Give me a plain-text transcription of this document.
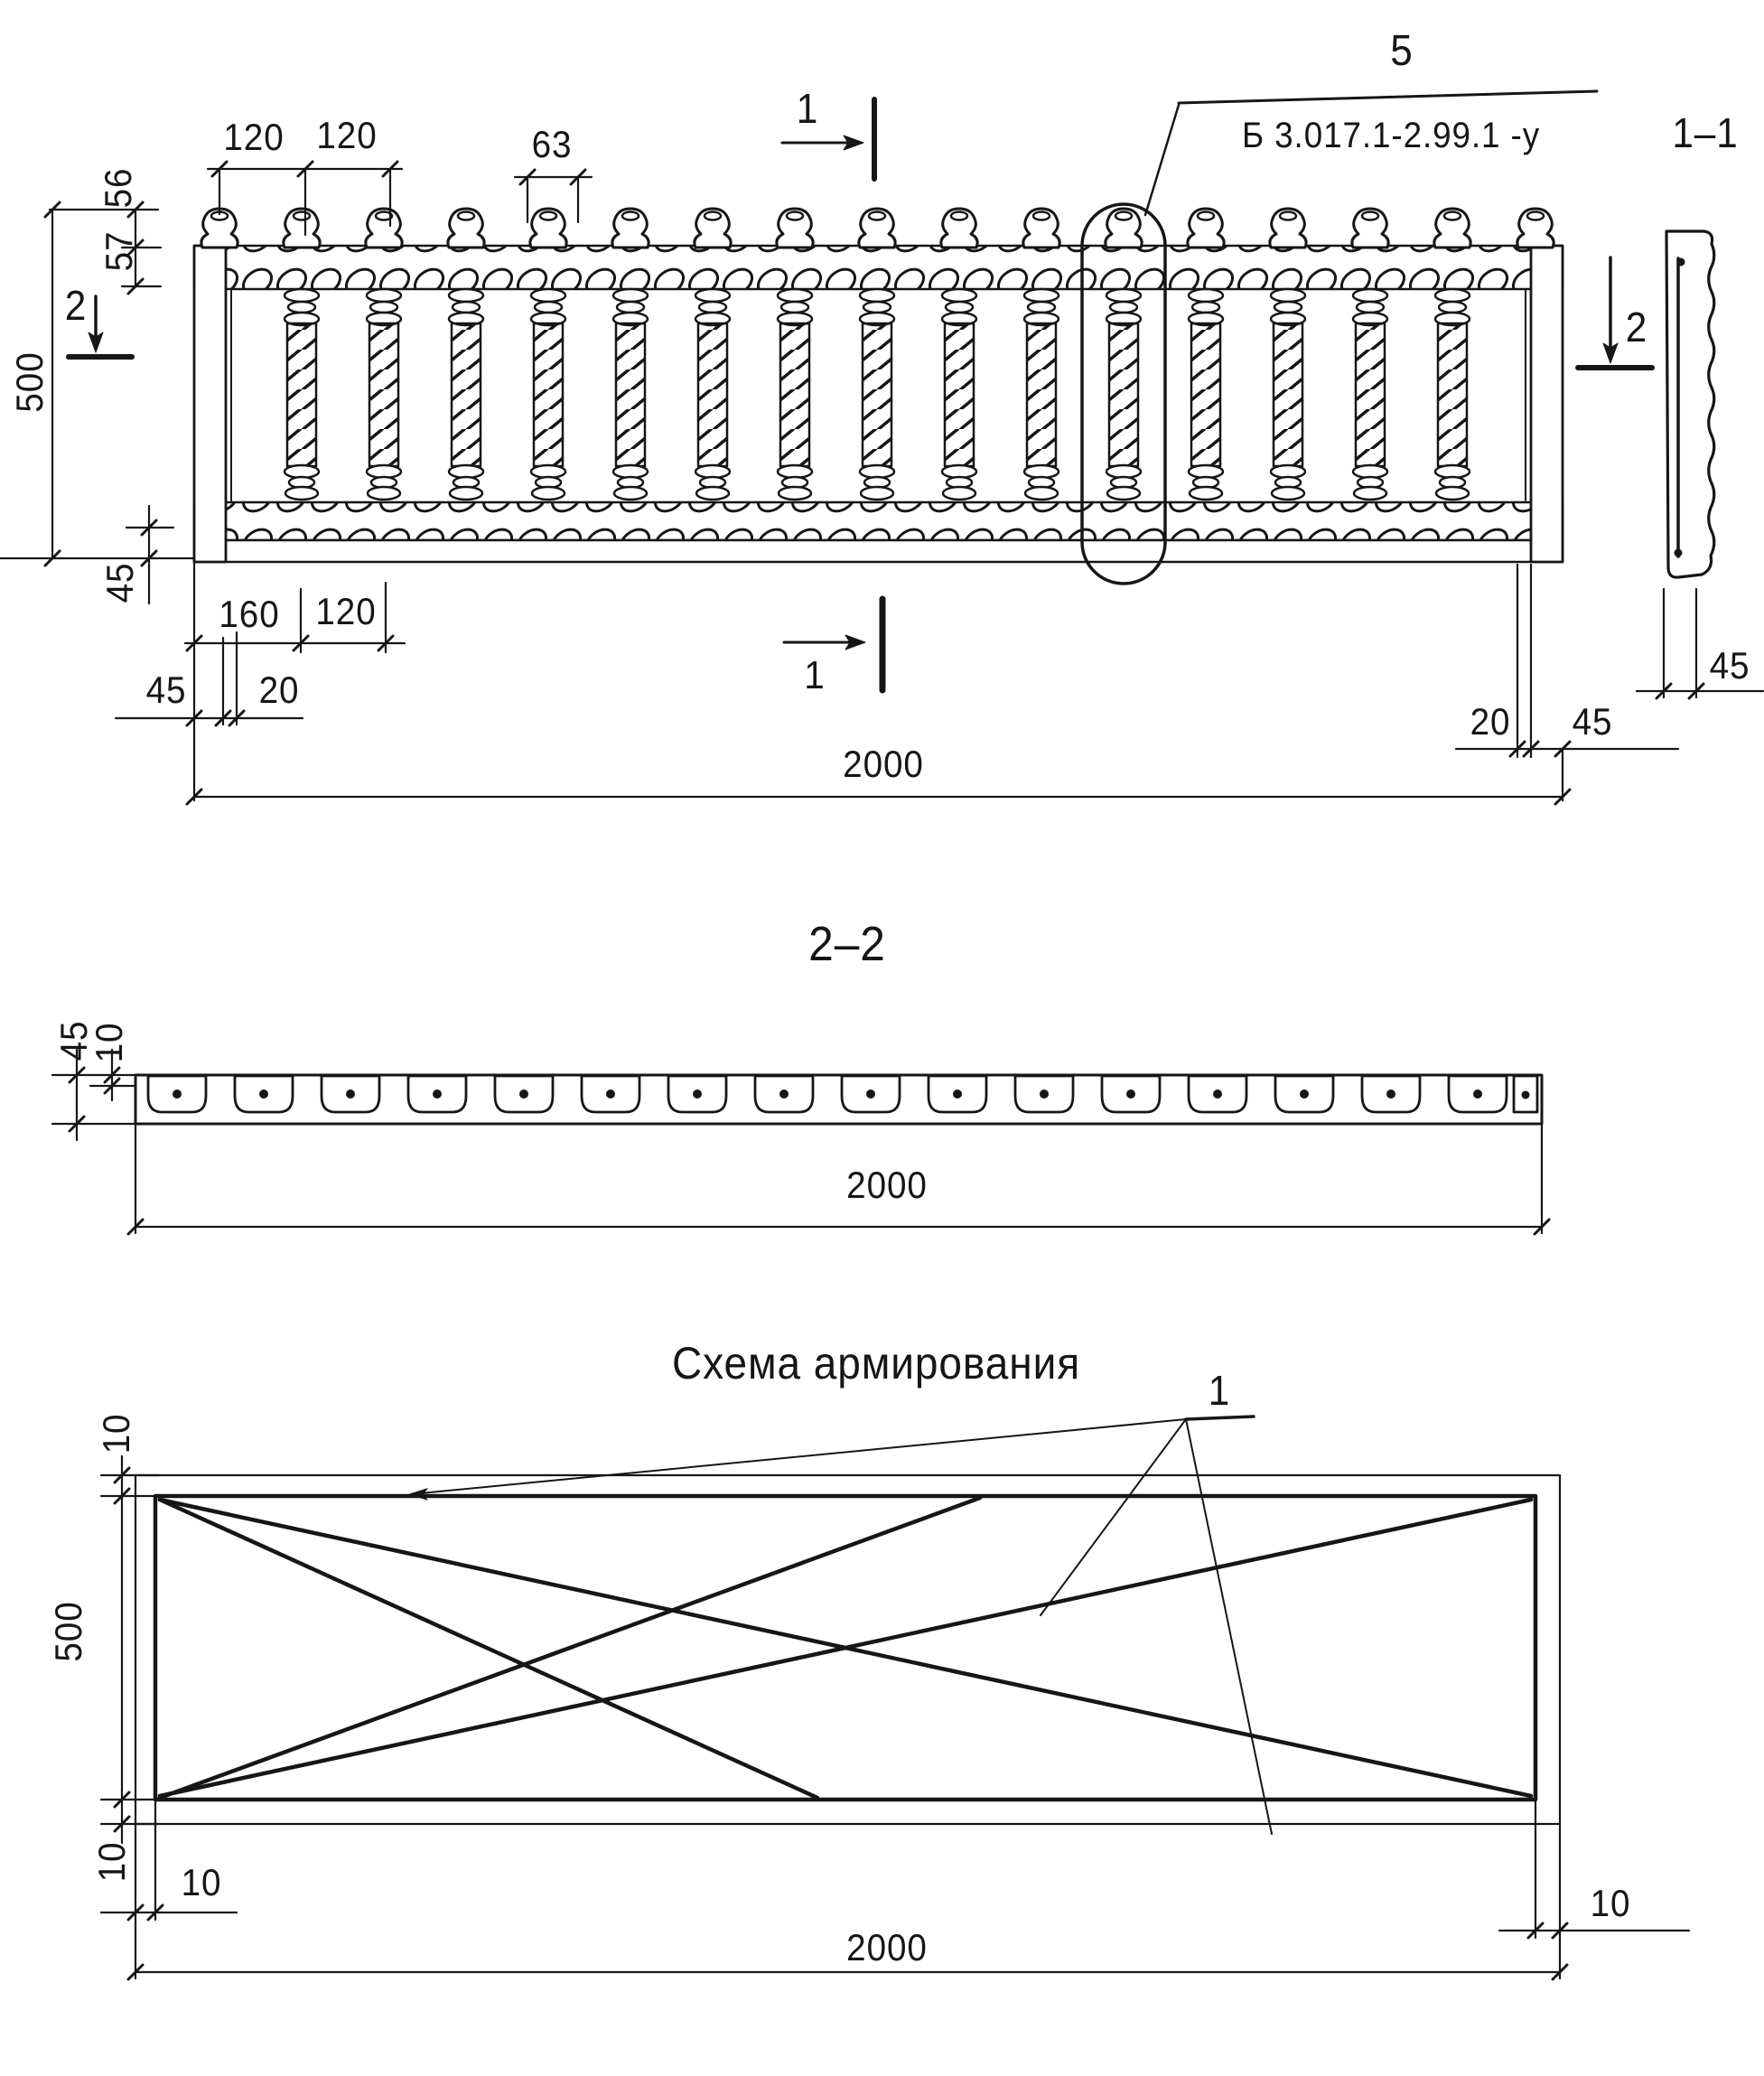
120 120	63
1
5
Б 3.017.1-2.99.1 -у	1–1
56
57
2
500
2
45
160 120
45 20	1
2000
20 45
45
2–2
45
10
2000
Схема армирования
1
10
500
10 10	10
2000
